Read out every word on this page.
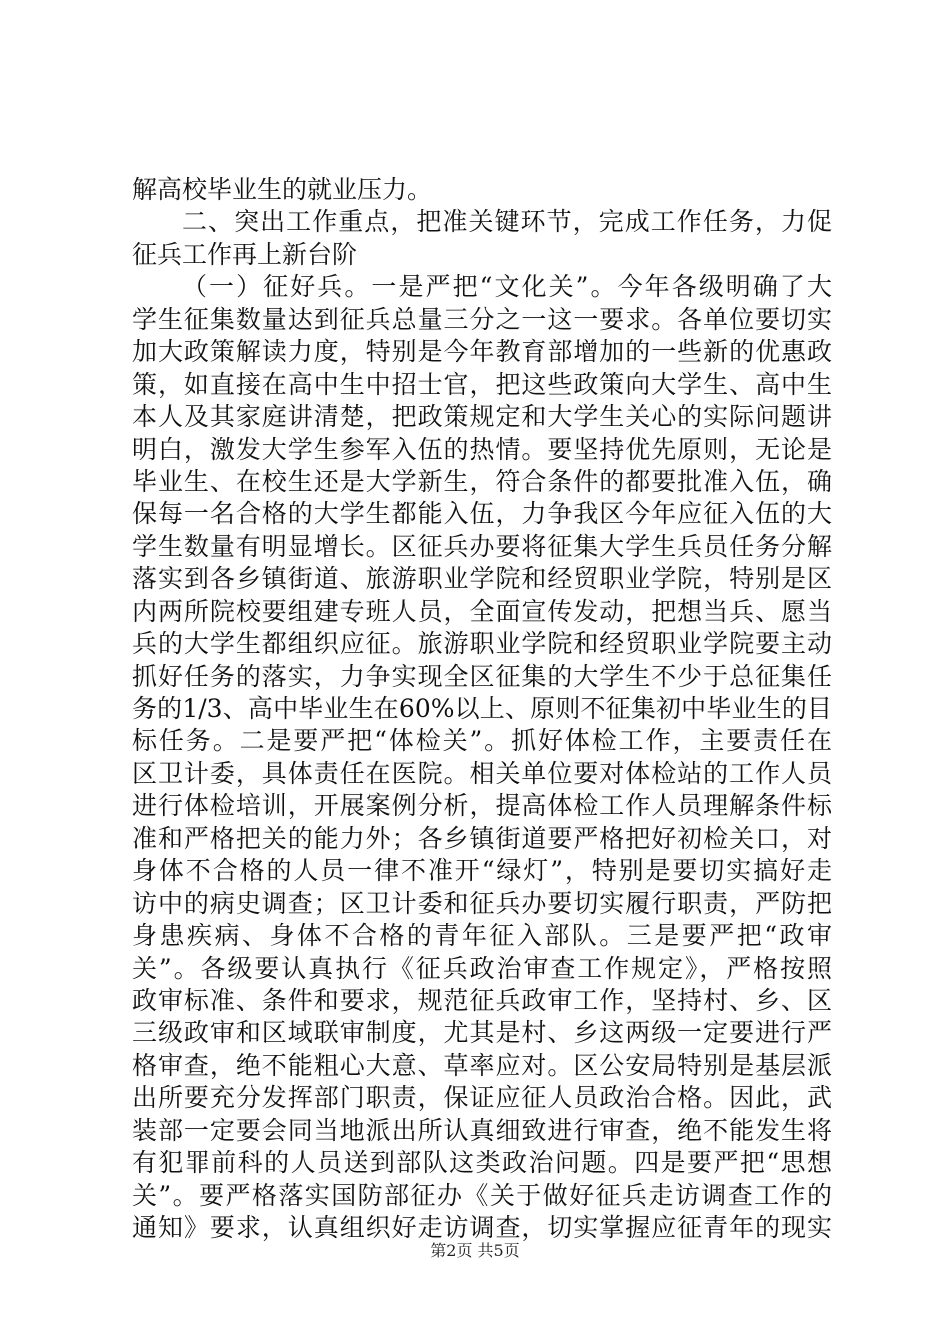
解高校毕业生的就业压力。
二、突出工作重点，把准关键环节，完成工作任务，力促
征兵工作再上新台阶
（一）征好兵。一是严把“文化关”。今年各级明确了大
学生征集数量达到征兵总量三分之一这一要求。各单位要切实
加大政策解读力度，特别是今年教育部增加的一些新的优惠政
策，如直接在高中生中招士官，把这些政策向大学生、高中生
本人及其家庭讲清楚，把政策规定和大学生关心的实际问题讲
明白，激发大学生参军入伍的热情。要坚持优先原则，无论是
毕业生、在校生还是大学新生，符合条件的都要批准入伍，确
保每一名合格的大学生都能入伍，力争我区今年应征入伍的大
学生数量有明显增长。区征兵办要将征集大学生兵员任务分解
落实到各乡镇街道、旅游职业学院和经贸职业学院，特别是区
内两所院校要组建专班人员，全面宣传发动，把想当兵、愿当
兵的大学生都组织应征。旅游职业学院和经贸职业学院要主动
抓好任务的落实，力争实现全区征集的大学生不少于总征集任
务的1/3、高中毕业生在60%以上、原则不征集初中毕业生的目
标任务。二是要严把“体检关”。抓好体检工作，主要责任在
区卫计委，具体责任在医院。相关单位要对体检站的工作人员
进行体检培训，开展案例分析，提高体检工作人员理解条件标
准和严格把关的能力外；各乡镇街道要严格把好初检关口，对
身体不合格的人员一律不准开“绿灯”，特别是要切实搞好走
访中的病史调查；区卫计委和征兵办要切实履行职责，严防把
身患疾病、身体不合格的青年征入部队。三是要严把“政审
关”。各级要认真执行《征兵政治审查工作规定》，严格按照
政审标准、条件和要求，规范征兵政审工作，坚持村、乡、区
三级政审和区域联审制度，尤其是村、乡这两级一定要进行严
格审查，绝不能粗心大意、草率应对。区公安局特别是基层派
出所要充分发挥部门职责，保证应征人员政治合格。因此，武
装部一定要会同当地派出所认真细致进行审查，绝不能发生将
有犯罪前科的人员送到部队这类政治问题。四是要严把“思想
关”。要严格落实国防部征办《关于做好征兵走访调查工作的
通知》要求，认真组织好走访调查，切实掌握应征青年的现实
第2页 共5页
